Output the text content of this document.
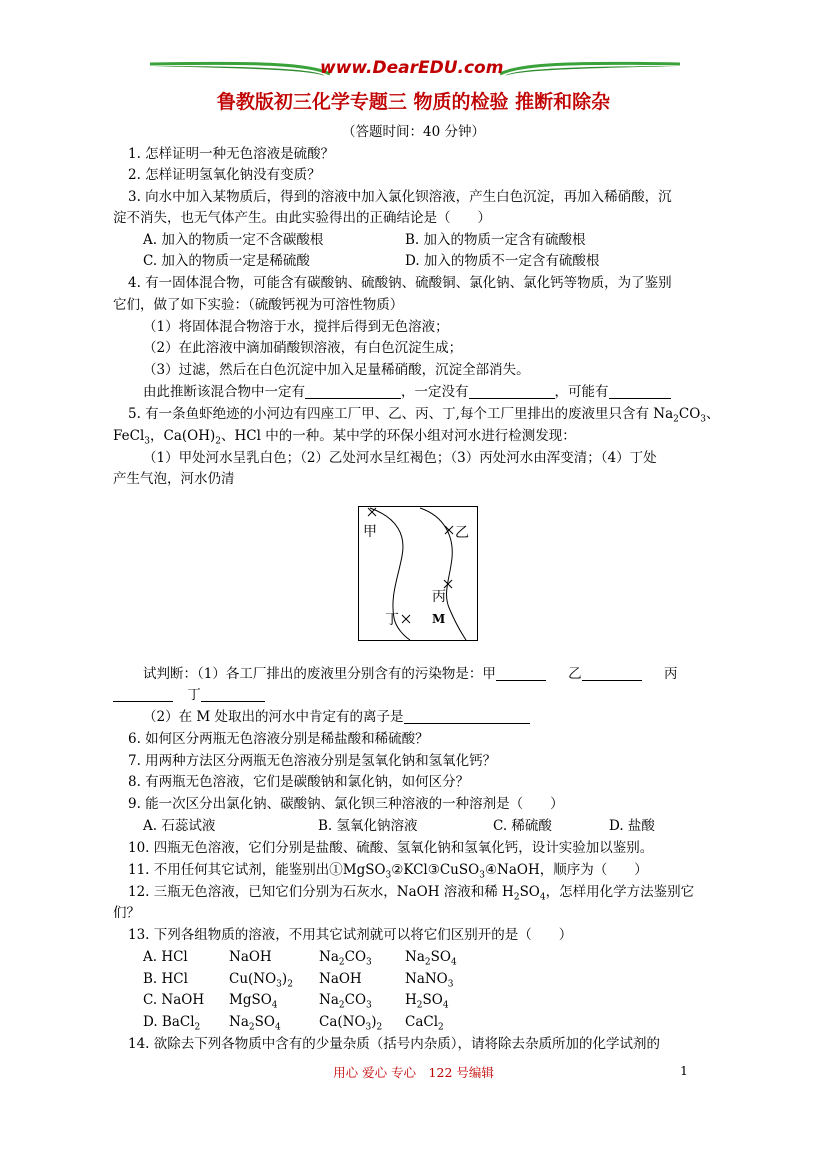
www.DearEDU.com
鲁教版初三化学专题三 物质的检验 推断和除杂
（答题时间：40 分钟）
1. 怎样证明一种无色溶液是硫酸？
2. 怎样证明氢氧化钠没有变质？
3. 向水中加入某物质后，得到的溶液中加入氯化钡溶液，产生白色沉淀，再加入稀硝酸，沉
淀不消失，也无气体产生。由此实验得出的正确结论是（　　）
A. 加入的物质一定不含碳酸根	B. 加入的物质一定含有硫酸根
C. 加入的物质一定是稀硫酸	D. 加入的物质不一定含有硫酸根
4. 有一固体混合物，可能含有碳酸钠、硫酸钠、硫酸铜、氯化钠、氯化钙等物质，为了鉴别
它们，做了如下实验：（硫酸钙视为可溶性物质）
（1）将固体混合物溶于水，搅拌后得到无色溶液；
（2）在此溶液中滴加硝酸钡溶液，有白色沉淀生成；
（3）过滤，然后在白色沉淀中加入足量稀硝酸，沉淀全部消失。
由此推断该混合物中一定有	，一定没有	，可能有
5. 有一条鱼虾绝迹的小河边有四座工厂甲、乙、丙、丁,每个工厂里排出的废液里只含有 $Na_2CO_3$、
FeCl$_3$，$Ca(OH)_2$、HCl 中的一种。某中学的环保小组对河水进行检测发现：
（1）甲处河水呈乳白色；（2）乙处河水呈红褐色；（3）丙处河水由浑变清；（4）丁处
产生气泡，河水仍清
甲	乙
丙
丁	M
试判断：（1）各工厂排出的废液里分别含有的污染物是：甲	乙	丙
丁
（2）在 M 处取出的河水中肯定有的离子是
6. 如何区分两瓶无色溶液分别是稀盐酸和稀硫酸？
7. 用两种方法区分两瓶无色溶液分别是氢氧化钠和氢氧化钙？
8. 有两瓶无色溶液，它们是碳酸钠和氯化钠，如何区分？
9. 能一次区分出氯化钠、碳酸钠、氯化钡三种溶液的一种溶剂是（　　）
A. 石蕊试液	B. 氢氧化钠溶液	C. 稀硫酸	D. 盐酸
10. 四瓶无色溶液，它们分别是盐酸、硫酸、氢氧化钠和氢氧化钙，设计实验加以鉴别。
11. 不用任何其它试剂，能鉴别出①MgSO$_3$②KCl③CuSO$_3$④NaOH，顺序为（　　）
12. 三瓶无色溶液，已知它们分别为石灰水，NaOH 溶液和稀 $H_2SO_4$，怎样用化学方法鉴别它
们？
13. 下列各组物质的溶液，不用其它试剂就可以将它们区别开的是（　　）
A. HCl	NaOH	$Na_2CO_3$ $Na_2SO_4$
B. HCl	$Cu(NO_3)_2$ NaOH	NaNO$_3$
C. NaOH MgSO$_4$	$Na_2CO_3$ $H_2SO_4$
D. BaCl$_2$ $Na_2SO_4$	$Ca(NO_3)_2$ CaCl$_2$
14. 欲除去下列各物质中含有的少量杂质（括号内杂质），请将除去杂质所加的化学试剂的
用心 爱心 专心　122 号编辑	1
